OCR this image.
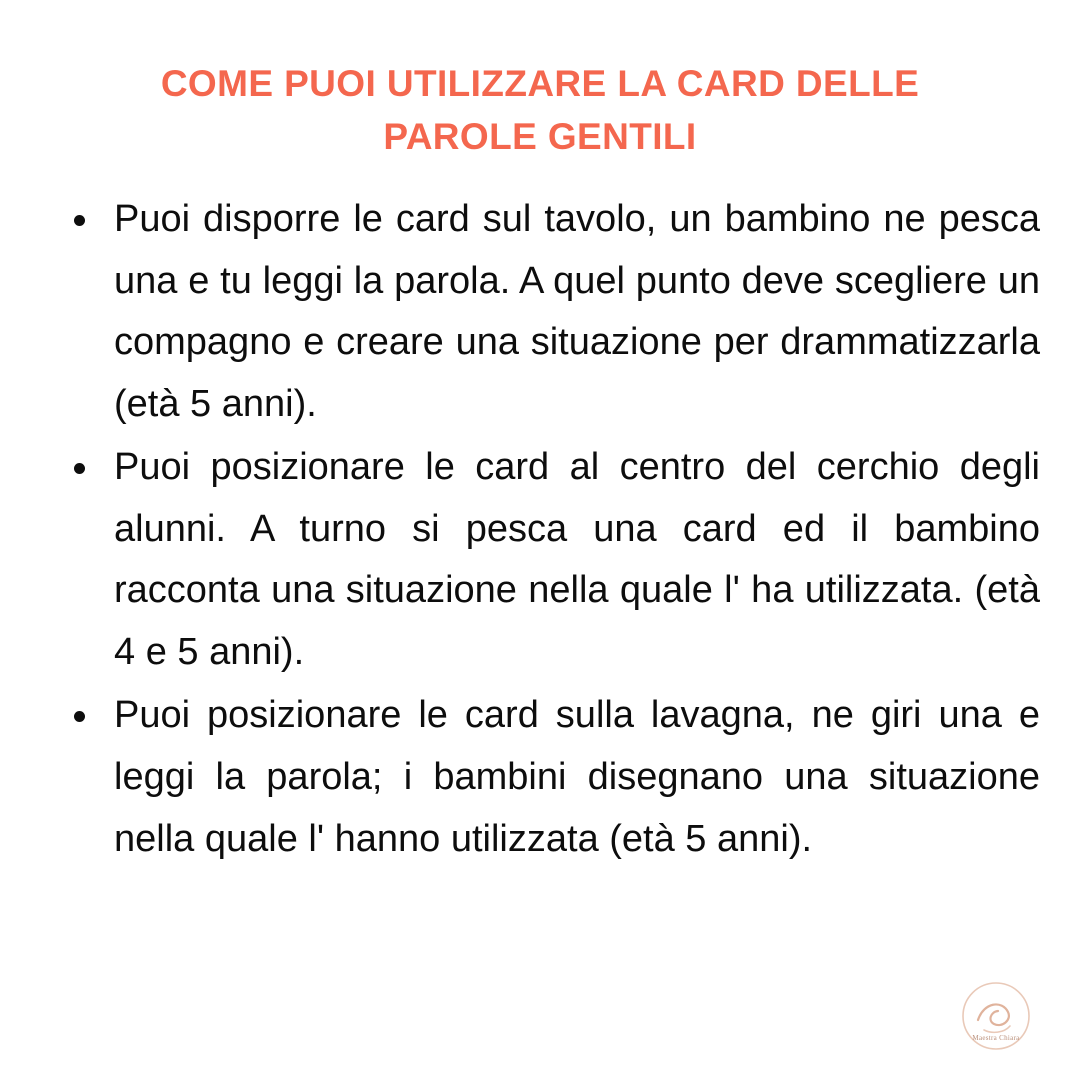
COME PUOI UTILIZZARE LA CARD DELLE PAROLE GENTILI
Puoi disporre le card sul tavolo, un bambino ne pesca una e tu leggi la parola. A quel punto deve scegliere un compagno e creare una situazione per drammatizzarla (età 5 anni).
Puoi posizionare le card al centro del cerchio degli alunni. A turno si pesca una card ed il bambino racconta una situazione nella quale l' ha utilizzata. (età 4 e 5 anni).
Puoi posizionare le card sulla lavagna, ne giri una e leggi la parola; i bambini disegnano una situazione nella quale l' hanno utilizzata (età 5 anni).
Maestra Chiara
